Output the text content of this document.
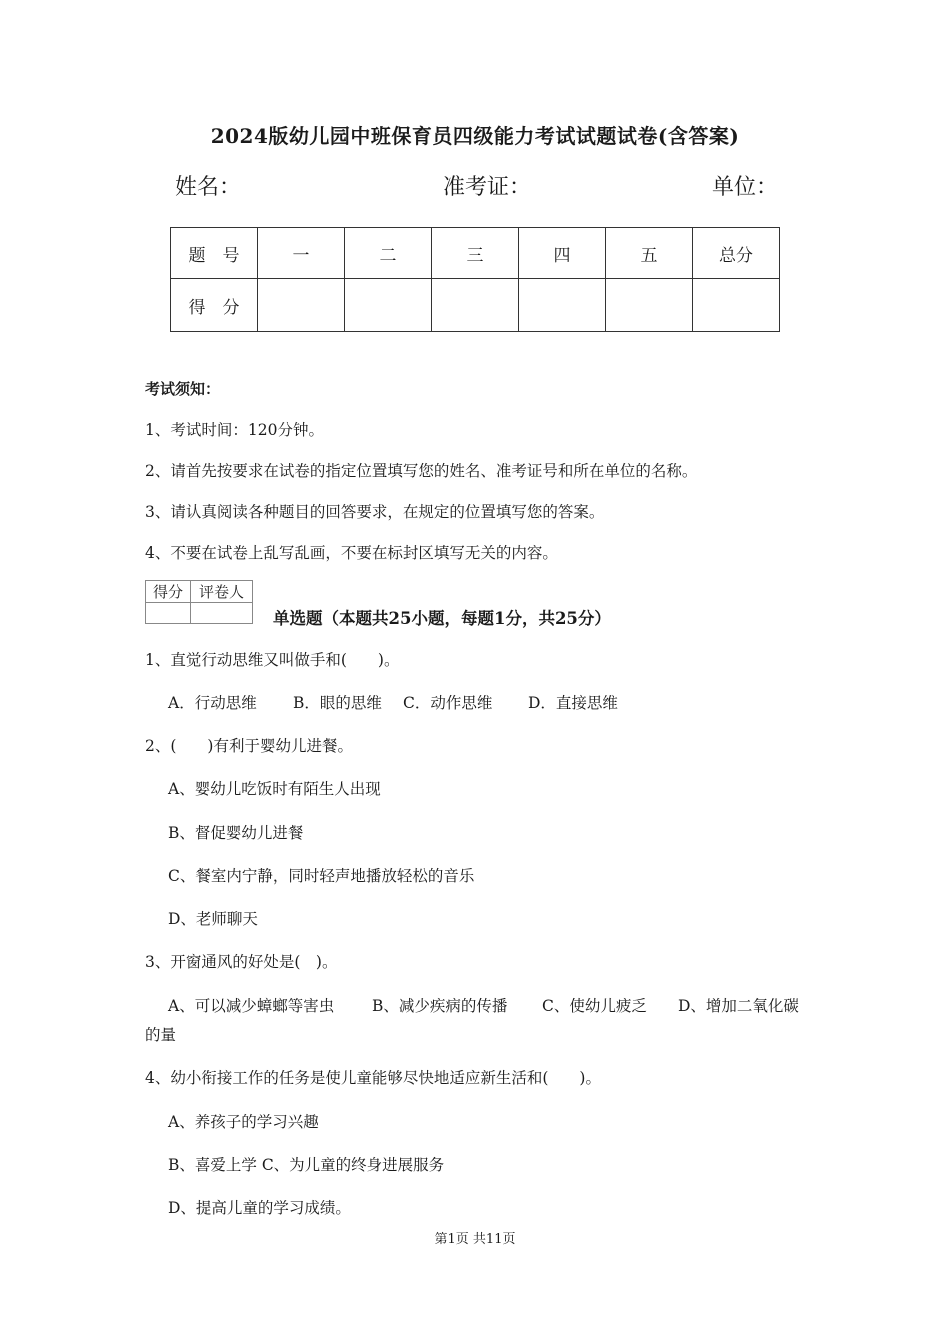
2024版幼儿园中班保育员四级能力考试试题试卷(含答案)
姓名：	准考证：	单位：
题　号	一	二	三	四	五	总分
得　分						
考试须知：
1、考试时间：120分钟。
2、请首先按要求在试卷的指定位置填写您的姓名、准考证号和所在单位的名称。
3、请认真阅读各种题目的回答要求，在规定的位置填写您的答案。
4、不要在试卷上乱写乱画，不要在标封区填写无关的内容。
得分	评卷人

单选题（本题共25小题，每题1分，共25分）
1、直觉行动思维又叫做手和(　　)。
A．行动思维 B．眼的思维 C．动作思维 D．直接思维
2、(　　)有利于婴幼儿进餐。
A、婴幼儿吃饭时有陌生人出现
B、督促婴幼儿进餐
C、餐室内宁静，同时轻声地播放轻松的音乐
D、老师聊天
3、开窗通风的好处是(　)。
A、可以减少蟑螂等害虫 B、减少疾病的传播 C、使幼儿疲乏 D、增加二氧化碳
的量
4、幼小衔接工作的任务是使儿童能够尽快地适应新生活和(　　)。
A、养孩子的学习兴趣
B、喜爱上学 C、为儿童的终身进展服务
D、提高儿童的学习成绩。
第1页 共11页
